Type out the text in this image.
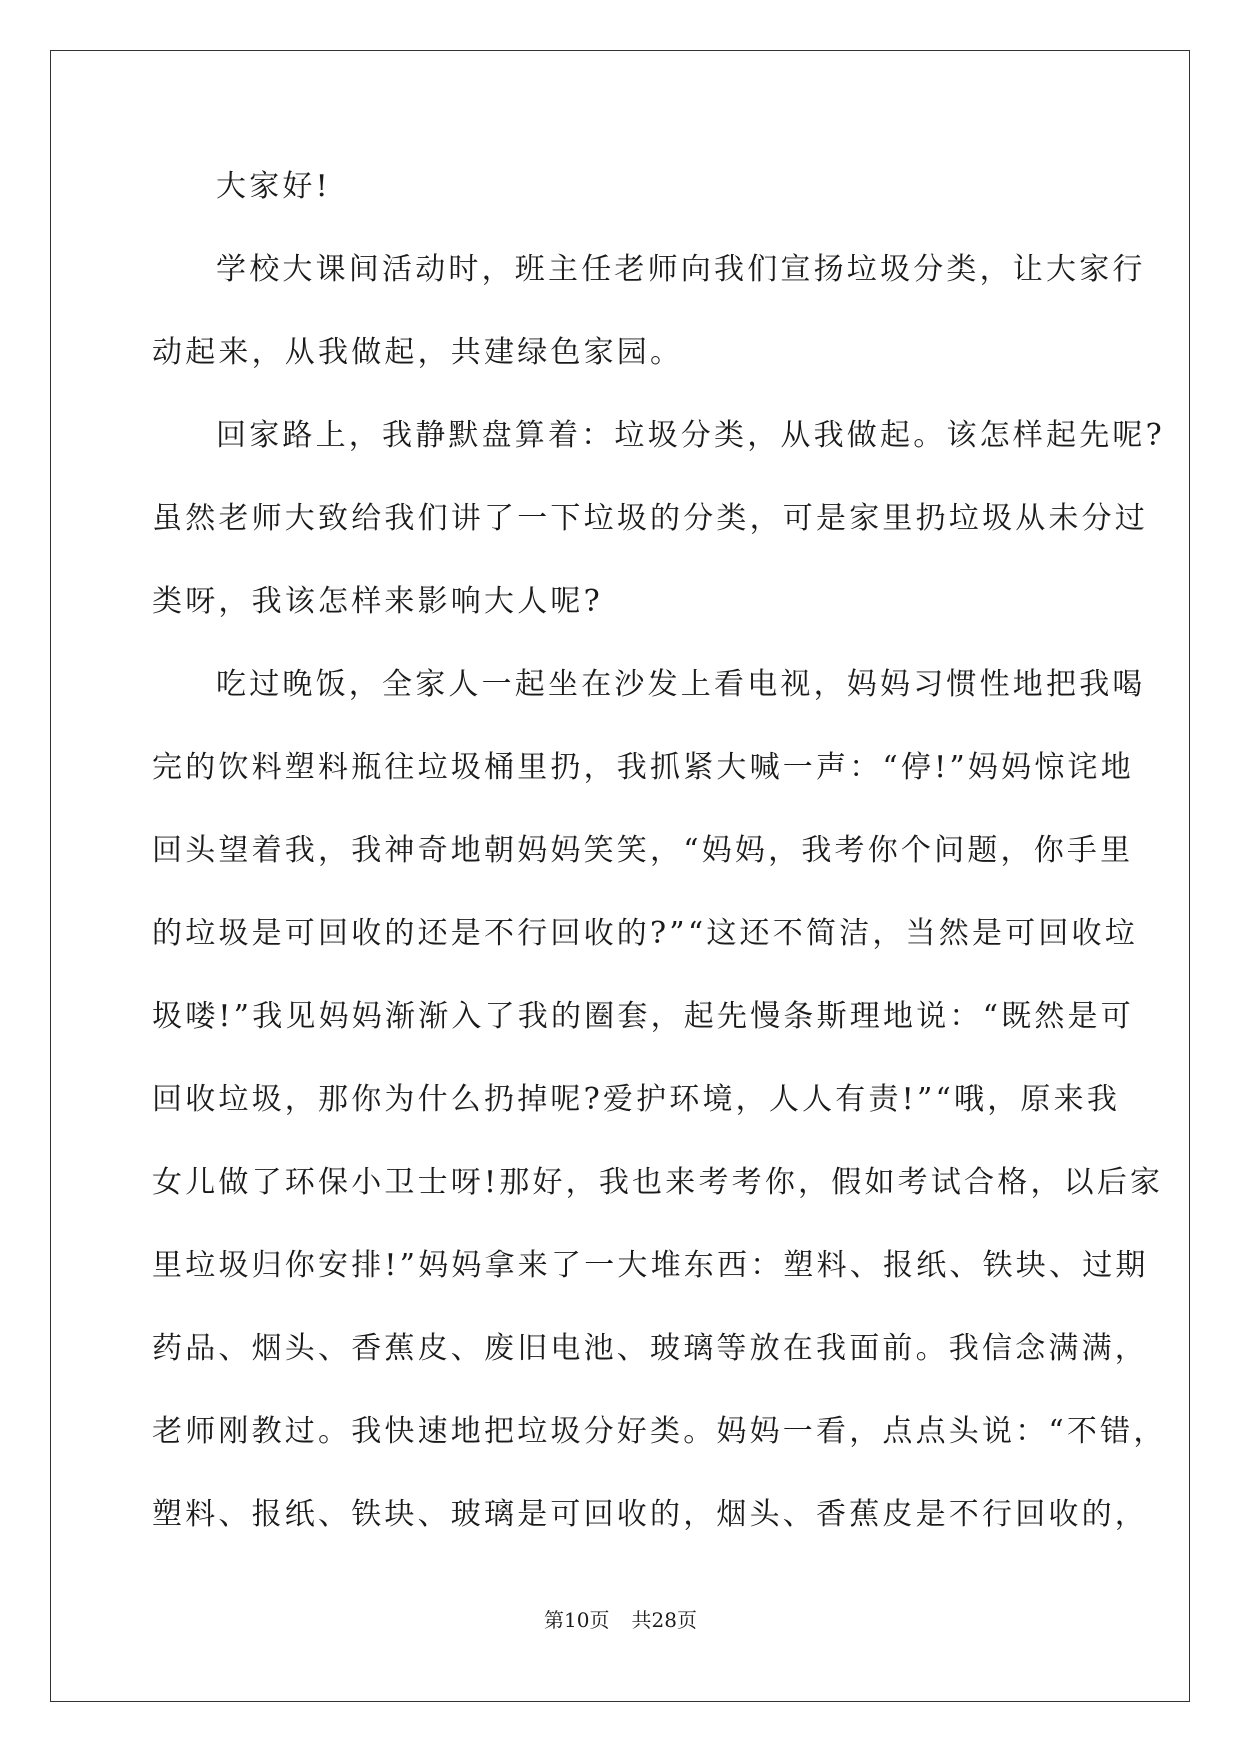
大家好!
学校大课间活动时，班主任老师向我们宣扬垃圾分类，让大家行
动起来，从我做起，共建绿色家园。
回家路上，我静默盘算着：垃圾分类，从我做起。该怎样起先呢?
虽然老师大致给我们讲了一下垃圾的分类，可是家里扔垃圾从未分过
类呀，我该怎样来影响大人呢?
吃过晚饭，全家人一起坐在沙发上看电视，妈妈习惯性地把我喝
完的饮料塑料瓶往垃圾桶里扔，我抓紧大喊一声：“停!”妈妈惊诧地
回头望着我，我神奇地朝妈妈笑笑，“妈妈，我考你个问题，你手里
的垃圾是可回收的还是不行回收的?”“这还不简洁，当然是可回收垃
圾喽!”我见妈妈渐渐入了我的圈套，起先慢条斯理地说：“既然是可
回收垃圾，那你为什么扔掉呢?爱护环境，人人有责!”“哦，原来我
女儿做了环保小卫士呀!那好，我也来考考你，假如考试合格，以后家
里垃圾归你安排!”妈妈拿来了一大堆东西：塑料、报纸、铁块、过期
药品、烟头、香蕉皮、废旧电池、玻璃等放在我面前。我信念满满，
老师刚教过。我快速地把垃圾分好类。妈妈一看，点点头说：“不错，
塑料、报纸、铁块、玻璃是可回收的，烟头、香蕉皮是不行回收的，
第10页 共28页
